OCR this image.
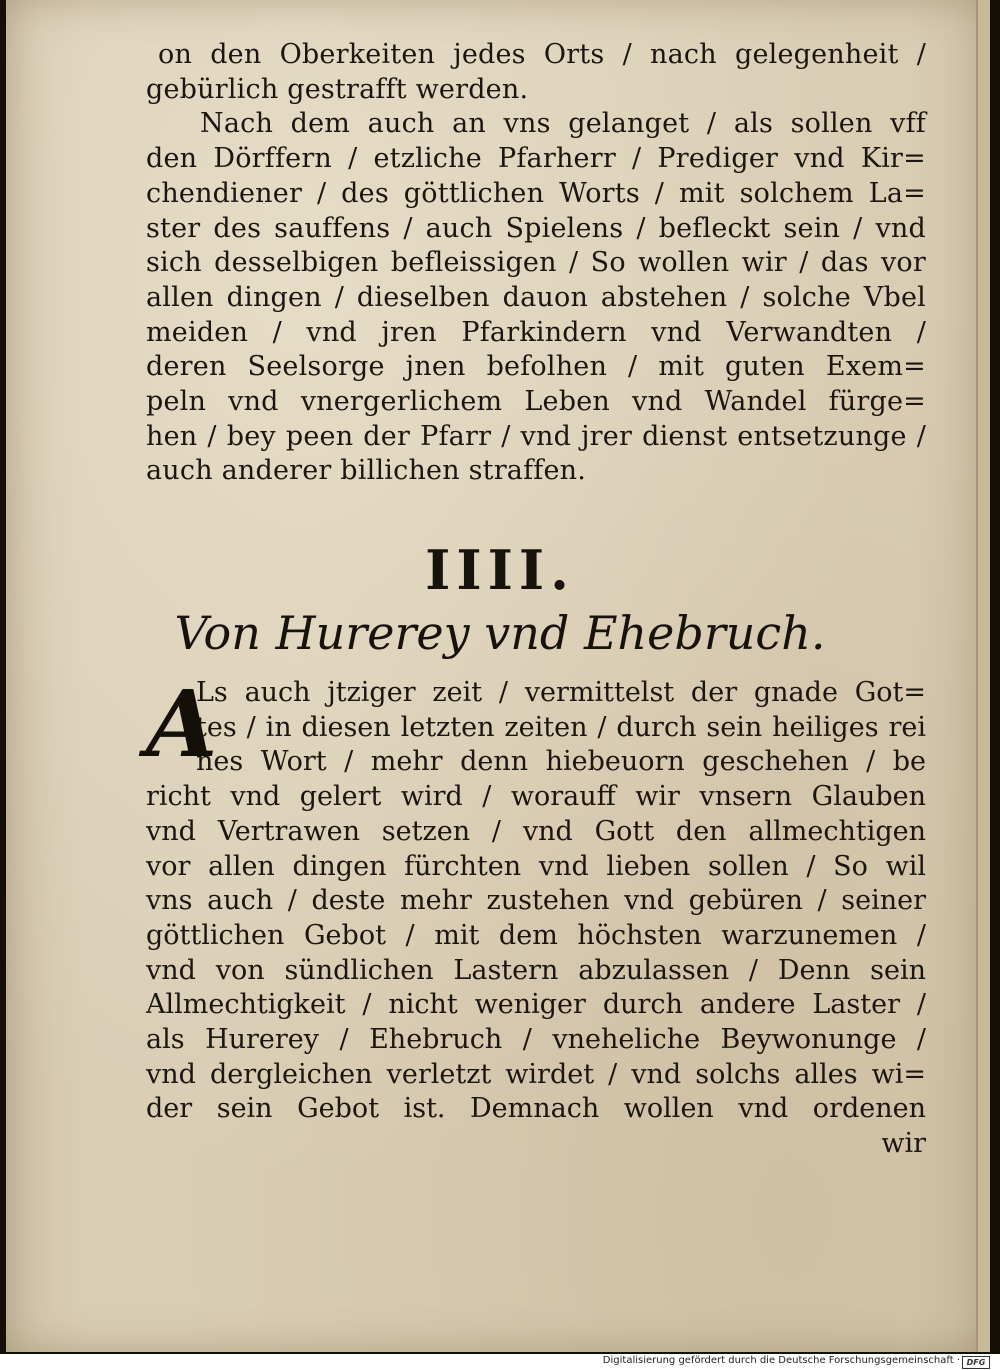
on den Oberkeiten jedes Orts / nach gelegenheit /
gebürlich gestrafft werden.
Nach dem auch an vns gelanget / als sollen vff
den Dörffern / etzliche Pfarherr / Prediger vnd Kir=
chendiener / des göttlichen Worts / mit solchem La=
ster des sauffens / auch Spielens / befleckt sein / vnd
sich desselbigen befleissigen / So wollen wir / das vor
allen dingen / dieselben dauon abstehen / solche Vbel
meiden / vnd jren Pfarkindern vnd Verwandten /
deren Seelsorge jnen befolhen / mit guten Exem=
peln vnd vnergerlichem Leben vnd Wandel fürge=
hen / bey peen der Pfarr / vnd jrer dienst entsetzunge /
auch anderer billichen straffen.
IIII.
Von Hurerey vnd Ehebruch.
A
Ls auch jtziger zeit / vermittelst der gnade Got=
tes / in diesen letzten zeiten / durch sein heiliges rei
nes Wort / mehr denn hiebeuorn geschehen / be
richt vnd gelert wird / worauff wir vnsern Glauben
vnd Vertrawen setzen / vnd Gott den allmechtigen
vor allen dingen fürchten vnd lieben sollen / So wil
vns auch / deste mehr zustehen vnd gebüren / seiner
göttlichen Gebot / mit dem höchsten warzunemen /
vnd von sündlichen Lastern abzulassen / Denn sein
Allmechtigkeit / nicht weniger durch andere Laster /
als Hurerey / Ehebruch / vneheliche Beywonunge /
vnd dergleichen verletzt wirdet / vnd solchs alles wi=
der sein Gebot ist. Demnach wollen vnd ordenen
wir
Digitalisierung gefördert durch die Deutsche Forschungsgemeinschaft · DFG
